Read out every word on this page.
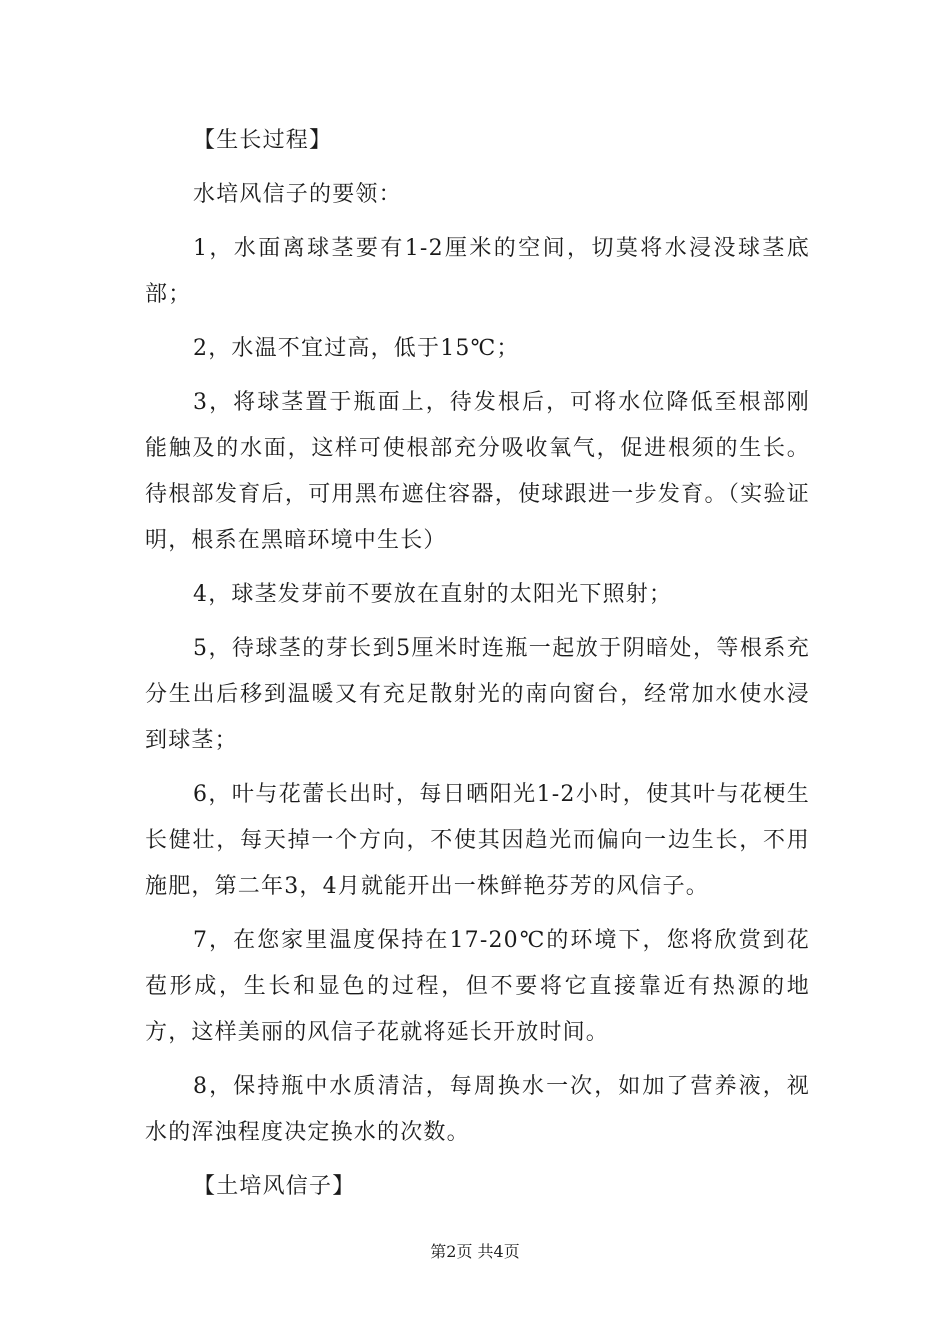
【生长过程】

水培风信子的要领：

1，水面离球茎要有1-2厘米的空间，切莫将水浸没球茎底部；

2，水温不宜过高，低于15℃；

3，将球茎置于瓶面上，待发根后，可将水位降低至根部刚能触及的水面，这样可使根部充分吸收氧气，促进根须的生长。待根部发育后，可用黑布遮住容器，使球跟进一步发育。（实验证明，根系在黑暗环境中生长）

4，球茎发芽前不要放在直射的太阳光下照射；

5，待球茎的芽长到5厘米时连瓶一起放于阴暗处，等根系充分生出后移到温暖又有充足散射光的南向窗台，经常加水使水浸到球茎；

6，叶与花蕾长出时，每日晒阳光1-2小时，使其叶与花梗生长健壮，每天掉一个方向，不使其因趋光而偏向一边生长，不用施肥，第二年3，4月就能开出一株鲜艳芬芳的风信子。

7，在您家里温度保持在17-20℃的环境下，您将欣赏到花苞形成，生长和显色的过程，但不要将它直接靠近有热源的地方，这样美丽的风信子花就将延长开放时间。

8，保持瓶中水质清洁，每周换水一次，如加了营养液，视水的浑浊程度决定换水的次数。

【土培风信子】

第2页 共4页
